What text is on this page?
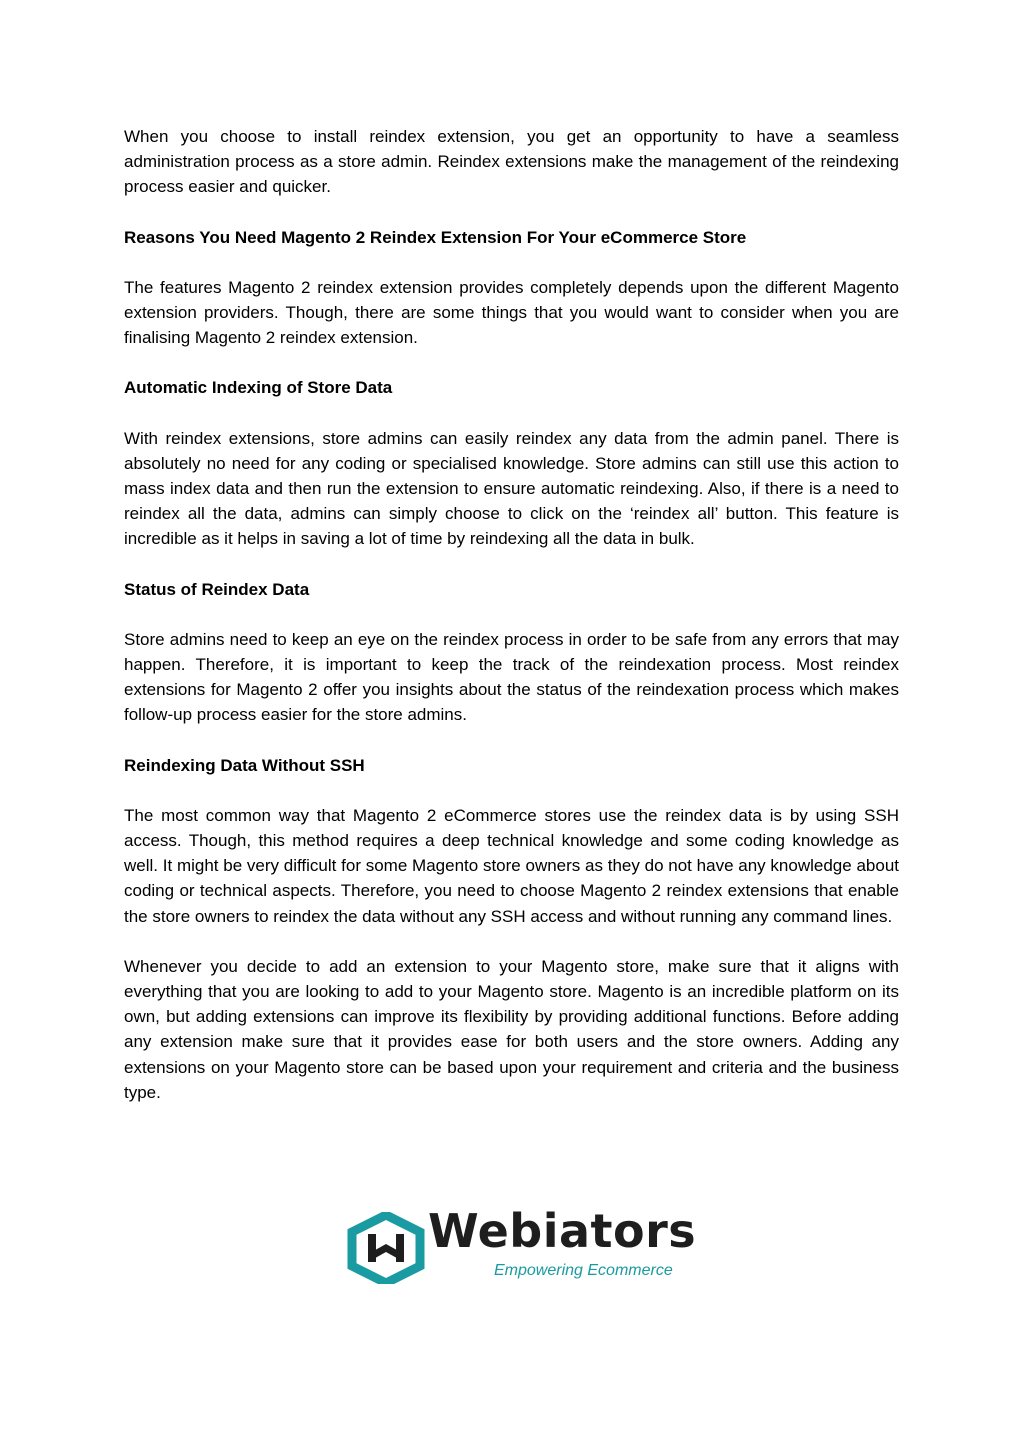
When you choose to install reindex extension, you get an opportunity to have a seamless administration process as a store admin. Reindex extensions make the management of the reindexing process easier and quicker.

Reasons You Need Magento 2 Reindex Extension For Your eCommerce Store

The features Magento 2 reindex extension provides completely depends upon the different Magento extension providers. Though, there are some things that you would want to consider when you are finalising Magento 2 reindex extension.

Automatic Indexing of Store Data

With reindex extensions, store admins can easily reindex any data from the admin panel. There is absolutely no need for any coding or specialised knowledge. Store admins can still use this action to mass index data and then run the extension to ensure automatic reindexing. Also, if there is a need to reindex all the data, admins can simply choose to click on the ‘reindex all’ button. This feature is incredible as it helps in saving a lot of time by reindexing all the data in bulk.

Status of Reindex Data

Store admins need to keep an eye on the reindex process in order to be safe from any errors that may happen. Therefore, it is important to keep the track of the reindexation process. Most reindex extensions for Magento 2 offer you insights about the status of the reindexation process which makes follow-up process easier for the store admins.

Reindexing Data Without SSH

The most common way that Magento 2 eCommerce stores use the reindex data is by using SSH access. Though, this method requires a deep technical knowledge and some coding knowledge as well. It might be very difficult for some Magento store owners as they do not have any knowledge about coding or technical aspects. Therefore, you need to choose Magento 2 reindex extensions that enable the store owners to reindex the data without any SSH access and without running any command lines.

Whenever you decide to add an extension to your Magento store, make sure that it aligns with everything that you are looking to add to your Magento store. Magento is an incredible platform on its own, but adding extensions can improve its flexibility by providing additional functions. Before adding any extension make sure that it provides ease for both users and the store owners. Adding any extensions on your Magento store can be based upon your requirement and criteria and the business type.

Webiators
Empowering Ecommerce
